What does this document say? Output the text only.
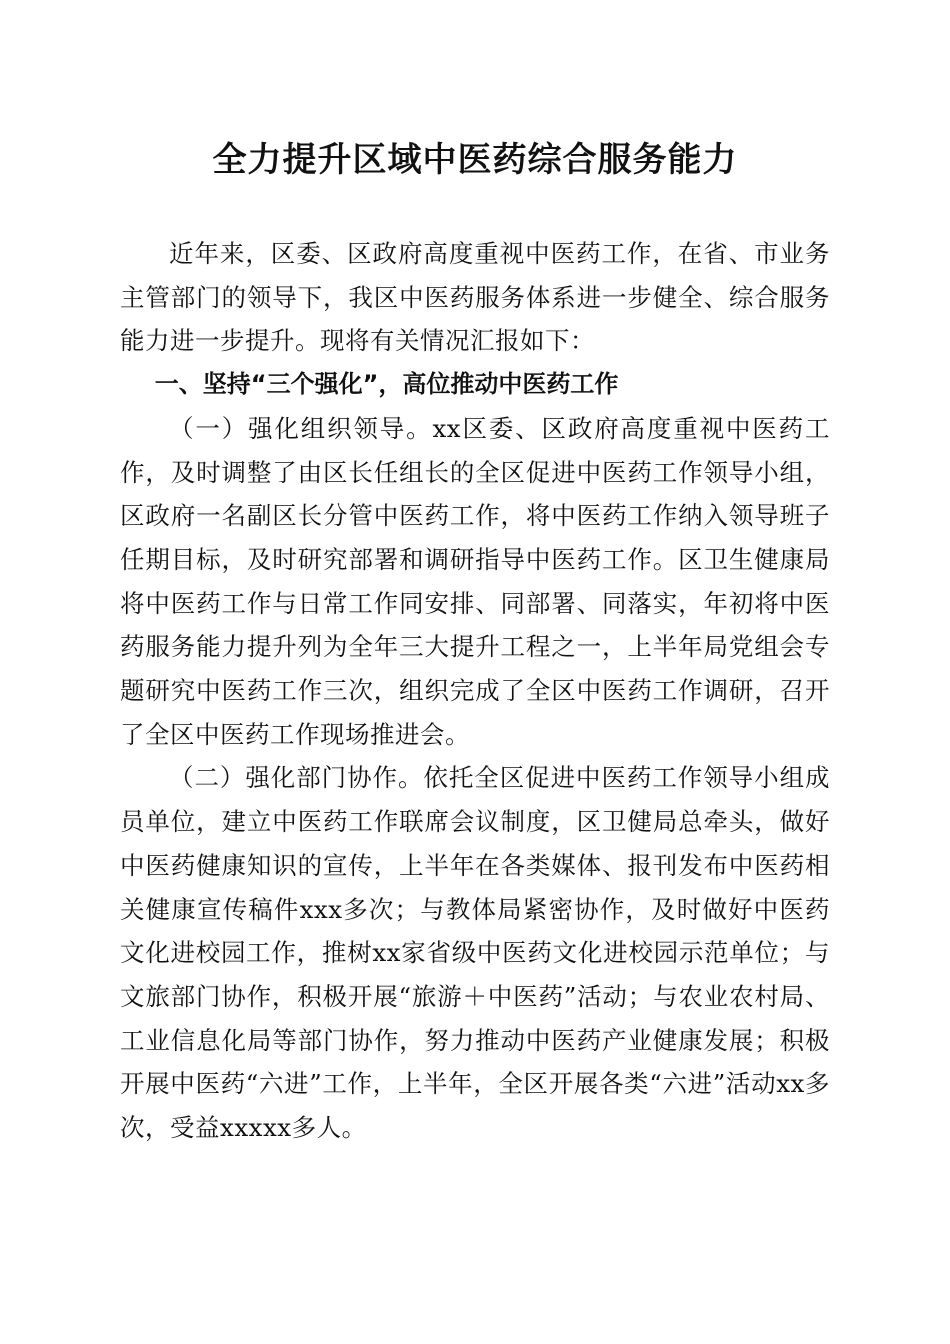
全力提升区域中医药综合服务能力

近年来，区委、区政府高度重视中医药工作，在省、市业务主管部门的领导下，我区中医药服务体系进一步健全、综合服务能力进一步提升。现将有关情况汇报如下：

一、坚持“三个强化”，高位推动中医药工作

（一）强化组织领导。xx区委、区政府高度重视中医药工作，及时调整了由区长任组长的全区促进中医药工作领导小组，区政府一名副区长分管中医药工作，将中医药工作纳入领导班子任期目标，及时研究部署和调研指导中医药工作。区卫生健康局将中医药工作与日常工作同安排、同部署、同落实，年初将中医药服务能力提升列为全年三大提升工程之一，上半年局党组会专题研究中医药工作三次，组织完成了全区中医药工作调研，召开了全区中医药工作现场推进会。

（二）强化部门协作。依托全区促进中医药工作领导小组成员单位，建立中医药工作联席会议制度，区卫健局总牵头，做好中医药健康知识的宣传，上半年在各类媒体、报刊发布中医药相关健康宣传稿件xxx多次；与教体局紧密协作，及时做好中医药文化进校园工作，推树xx家省级中医药文化进校园示范单位；与文旅部门协作，积极开展“旅游＋中医药”活动；与农业农村局、工业信息化局等部门协作，努力推动中医药产业健康发展；积极开展中医药“六进”工作，上半年，全区开展各类“六进”活动xx多次，受益xxxxx多人。
